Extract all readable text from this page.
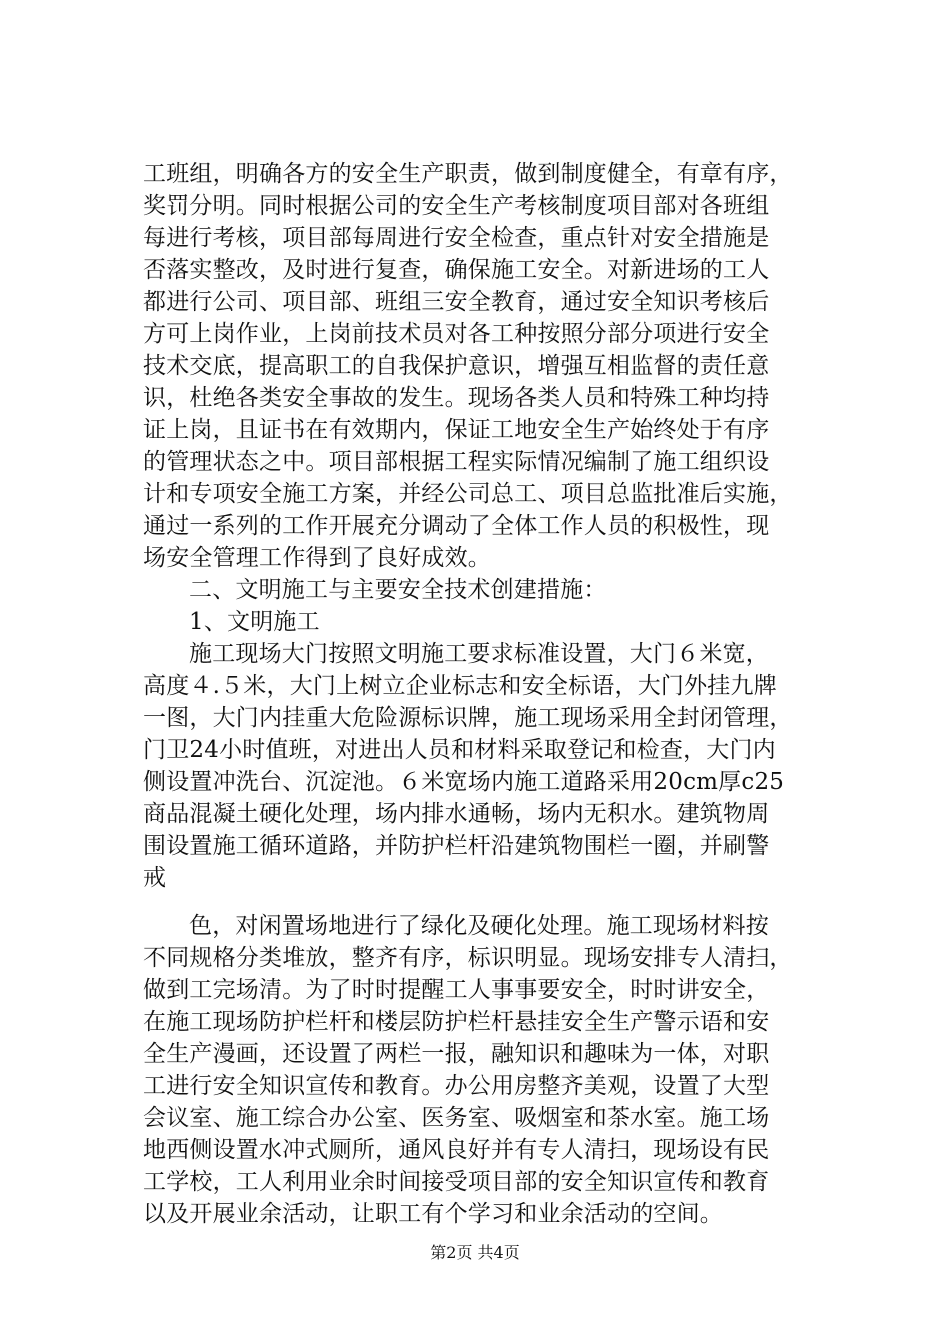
工班组，明确各方的安全生产职责，做到制度健全，有章有序，
奖罚分明。同时根据公司的安全生产考核制度项目部对各班组
每进行考核，项目部每周进行安全检查，重点针对安全措施是
否落实整改，及时进行复查，确保施工安全。对新进场的工人
都进行公司、项目部、班组三安全教育，通过安全知识考核后
方可上岗作业，上岗前技术员对各工种按照分部分项进行安全
技术交底，提高职工的自我保护意识，增强互相监督的责任意
识，杜绝各类安全事故的发生。现场各类人员和特殊工种均持
证上岗，且证书在有效期内，保证工地安全生产始终处于有序
的管理状态之中。项目部根据工程实际情况编制了施工组织设
计和专项安全施工方案，并经公司总工、项目总监批准后实施，
通过一系列的工作开展充分调动了全体工作人员的积极性，现
场安全管理工作得到了良好成效。
二、文明施工与主要安全技术创建措施：
1、文明施工
施工现场大门按照文明施工要求标准设置，大门６米宽，
高度４.５米，大门上树立企业标志和安全标语，大门外挂九牌
一图，大门内挂重大危险源标识牌，施工现场采用全封闭管理，
门卫24小时值班，对进出人员和材料采取登记和检查，大门内
侧设置冲洗台、沉淀池。６米宽场内施工道路采用20cm厚c25
商品混凝土硬化处理，场内排水通畅，场内无积水。建筑物周
围设置施工循环道路，并防护栏杆沿建筑物围栏一圈，并刷警
戒
色，对闲置场地进行了绿化及硬化处理。施工现场材料按
不同规格分类堆放，整齐有序，标识明显。现场安排专人清扫，
做到工完场清。为了时时提醒工人事事要安全，时时讲安全，
在施工现场防护栏杆和楼层防护栏杆悬挂安全生产警示语和安
全生产漫画，还设置了两栏一报，融知识和趣味为一体，对职
工进行安全知识宣传和教育。办公用房整齐美观，设置了大型
会议室、施工综合办公室、医务室、吸烟室和茶水室。施工场
地西侧设置水冲式厕所，通风良好并有专人清扫，现场设有民
工学校，工人利用业余时间接受项目部的安全知识宣传和教育
以及开展业余活动，让职工有个学习和业余活动的空间。
第2页 共4页
